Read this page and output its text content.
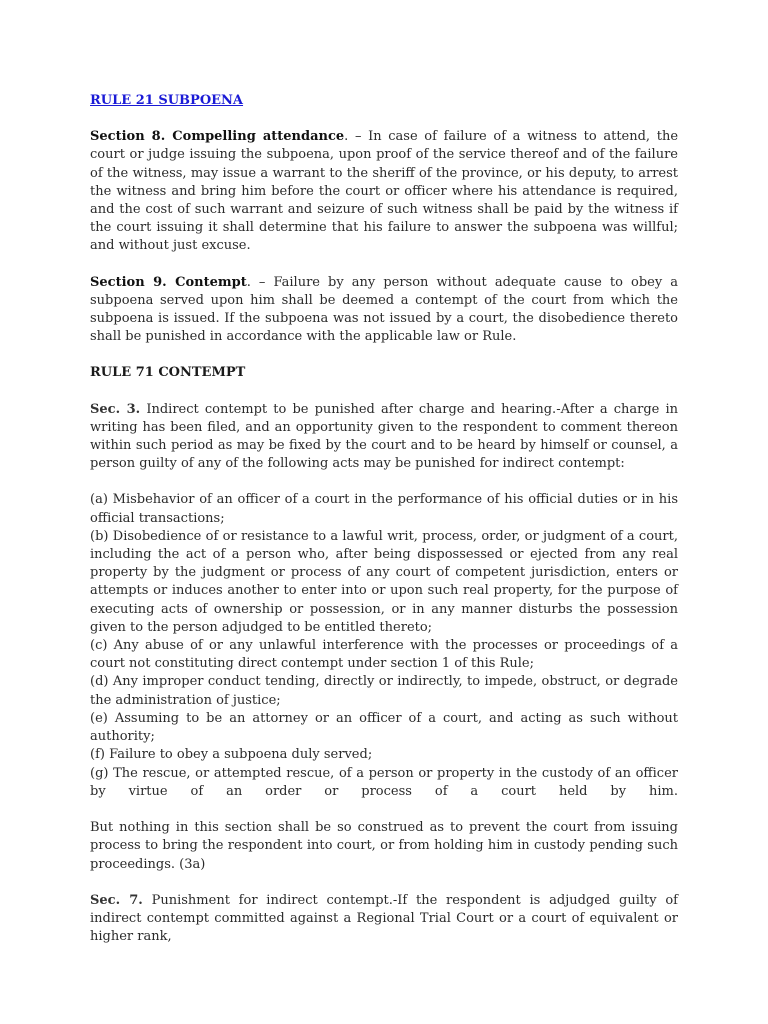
RULE 21 SUBPOENA

Section 8. Compelling attendance. – In case of failure of a witness to attend, the court or judge issuing the subpoena, upon proof of the service thereof and of the failure of the witness, may issue a warrant to the sheriff of the province, or his deputy, to arrest the witness and bring him before the court or officer where his attendance is required, and the cost of such warrant and seizure of such witness shall be paid by the witness if the court issuing it shall determine that his failure to answer the subpoena was willful; and without just excuse.

Section 9. Contempt. – Failure by any person without adequate cause to obey a subpoena served upon him shall be deemed a contempt of the court from which the subpoena is issued. If the subpoena was not issued by a court, the disobedience thereto shall be punished in accordance with the applicable law or Rule.

RULE 71 CONTEMPT

Sec. 3. Indirect contempt to be punished after charge and hearing.-After a charge in writing has been filed, and an opportunity given to the respondent to comment thereon within such period as may be fixed by the court and to be heard by himself or counsel, a person guilty of any of the following acts may be punished for indirect contempt:

(a) Misbehavior of an officer of a court in the performance of his official duties or in his official transactions;

(b) Disobedience of or resistance to a lawful writ, process, order, or judgment of a court, including the act of a person who, after being dispossessed or ejected from any real property by the judgment or process of any court of competent jurisdiction, enters or attempts or induces another to enter into or upon such real property, for the purpose of executing acts of ownership or possession, or in any manner disturbs the possession given to the person adjudged to be entitled thereto;

(c) Any abuse of or any unlawful interference with the processes or proceedings of a court not constituting direct contempt under section 1 of this Rule;

(d) Any improper conduct tending, directly or indirectly, to impede, obstruct, or degrade the administration of justice;

(e) Assuming to be an attorney or an officer of a court, and acting as such without authority;

(f) Failure to obey a subpoena duly served;

(g) The rescue, or attempted rescue, of a person or property in the custody of an officer by virtue of an order or process of a court held by him.

But nothing in this section shall be so construed as to prevent the court from issuing process to bring the respondent into court, or from holding him in custody pending such proceedings. (3a)

Sec. 7. Punishment for indirect contempt.-If the respondent is adjudged guilty of indirect contempt committed against a Regional Trial Court or a court of equivalent or higher rank,
